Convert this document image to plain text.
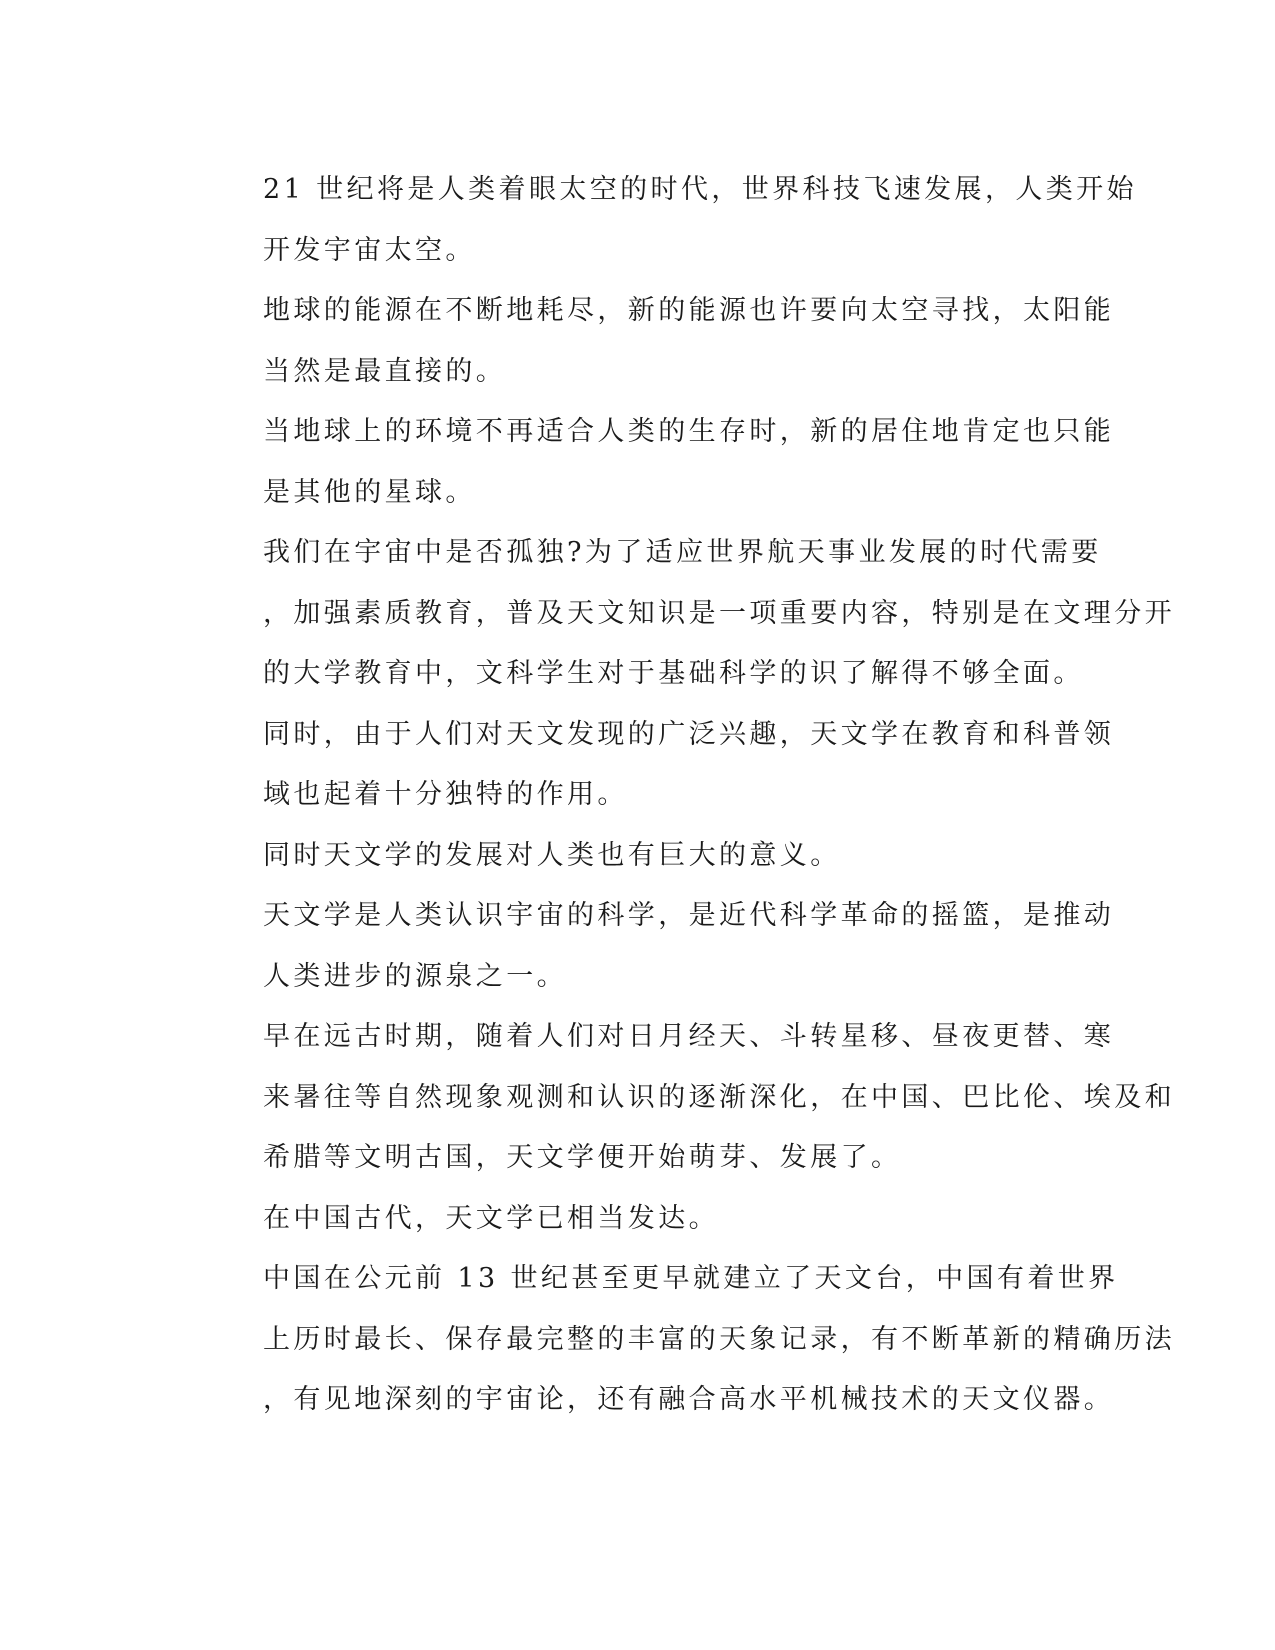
21 世纪将是人类着眼太空的时代，世界科技飞速发展，人类开始
开发宇宙太空。

地球的能源在不断地耗尽，新的能源也许要向太空寻找，太阳能
当然是最直接的。

当地球上的环境不再适合人类的生存时，新的居住地肯定也只能
是其他的星球。

我们在宇宙中是否孤独?为了适应世界航天事业发展的时代需要
，加强素质教育，普及天文知识是一项重要内容，特别是在文理分开
的大学教育中，文科学生对于基础科学的识了解得不够全面。

同时，由于人们对天文发现的广泛兴趣，天文学在教育和科普领
域也起着十分独特的作用。

同时天文学的发展对人类也有巨大的意义。

天文学是人类认识宇宙的科学，是近代科学革命的摇篮，是推动
人类进步的源泉之一。

早在远古时期，随着人们对日月经天、斗转星移、昼夜更替、寒
来暑往等自然现象观测和认识的逐渐深化，在中国、巴比伦、埃及和
希腊等文明古国，天文学便开始萌芽、发展了。

在中国古代，天文学已相当发达。

中国在公元前 13 世纪甚至更早就建立了天文台，中国有着世界
上历时最长、保存最完整的丰富的天象记录，有不断革新的精确历法
，有见地深刻的宇宙论，还有融合高水平机械技术的天文仪器。
